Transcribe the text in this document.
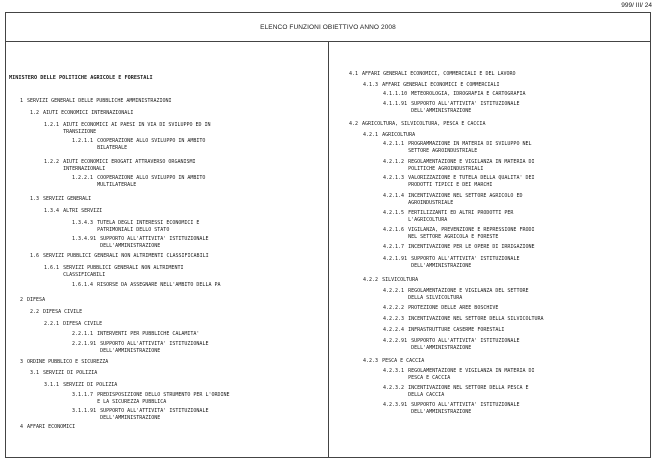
999/ III/ 24
ELENCO FUNZIONI OBIETTIVO ANNO 2008
MINISTERO DELLE POLITICHE AGRICOLE E FORESTALI
1 SERVIZI GENERALI DELLE PUBBLICHE AMMINISTRAZIONI
1.2 AIUTI ECONOMICI INTERNAZIONALI
1.2.1 AIUTI ECONOMICI AI PAESI IN VIA DI SVILUPPO ED IN
TRANSIZIONE
1.2.1.1 COOPERAZIONE ALLO SVILUPPO IN AMBITO
BILATERALE
1.2.2 AIUTI ECONOMICI EROGATI ATTRAVERSO ORGANISMI
INTERNAZIONALI
1.2.2.1 COOPERAZIONE ALLO SVILUPPO IN AMBITO
MULTILATERALE
1.3 SERVIZI GENERALI
1.3.4 ALTRI SERVIZI
1.3.4.3 TUTELA DEGLI INTERESSI ECONOMICI E
PATRIMONIALI DELLO STATO
1.3.4.91 SUPPORTO ALL'ATTIVITA' ISTITUZIONALE
DELL'AMMINISTRAZIONE
1.6 SERVIZI PUBBLICI GENERALI NON ALTRIMENTI CLASSIFICABILI
1.6.1 SERVIZI PUBBLICI GENERALI NON ALTRIMENTI
CLASSIFICABILI
1.6.1.4 RISORSE DA ASSEGNARE NELL'AMBITO DELLA PA
2 DIFESA
2.2 DIFESA CIVILE
2.2.1 DIFESA CIVILE
2.2.1.1 INTERVENTI PER PUBBLICHE CALAMITA'
2.2.1.91 SUPPORTO ALL'ATTIVITA' ISTITUZIONALE
DELL'AMMINISTRAZIONE
3 ORDINE PUBBLICO E SICUREZZA
3.1 SERVIZI DI POLIZIA
3.1.1 SERVIZI DI POLIZIA
3.1.1.7 PREDISPOSIZIONE DELLO STRUMENTO PER L'ORDINE
E LA SICUREZZA PUBBLICA
3.1.1.91 SUPPORTO ALL'ATTIVITA' ISTITUZIONALE
DELL'AMMINISTRAZIONE
4 AFFARI ECONOMICI
4.1 AFFARI GENERALI ECONOMICI, COMMERCIALI E DEL LAVORO
4.1.3 AFFARI GENERALI ECONOMICI E COMMERCIALI
4.1.1.10 METEOROLOGIA, IDROGRAFIA E CARTOGRAFIA
4.1.1.91 SUPPORTO ALL'ATTIVITA' ISTITUZIONALE
DELL'AMMINISTRAZIONE
4.2 AGRICOLTURA, SILVICOLTURA, PESCA E CACCIA
4.2.1 AGRICOLTURA
4.2.1.1 PROGRAMMAZIONE IN MATERIA DI SVILUPPO NEL
SETTORE AGROINDUSTRIALE
4.2.1.2 REGOLAMENTAZIONE E VIGILANZA IN MATERIA DI
POLITICHE AGROINDUSTRIALI
4.2.1.3 VALORIZZAZIONE E TUTELA DELLA QUALITA' DEI
PRODOTTI TIPICI E DEI MARCHI
4.2.1.4 INCENTIVAZIONE NEL SETTORE AGRICOLO ED
AGROINDUSTRIALE
4.2.1.5 FERTILIZZANTI ED ALTRI PRODOTTI PER
L'AGRICOLTURA
4.2.1.6 VIGILANZA, PREVENZIONE E REPRESSIONE FRODI
NEL SETTORE AGRICOLA E FORESTE
4.2.1.7 INCENTIVAZIONE PER LE OPERE DI IRRIGAZIONE
4.2.1.91 SUPPORTO ALL'ATTIVITA' ISTITUZIONALE
DELL'AMMINISTRAZIONE
4.2.2 SILVICOLTURA
4.2.2.1 REGOLAMENTAZIONE E VIGILANZA DEL SETTORE
DELLA SILVICOLTURA
4.2.2.2 PROTEZIONE DELLE AREE BOSCHIVE
4.2.2.3 INCENTIVAZIONE NEL SETTORE DELLA SILVICOLTURA
4.2.2.4 INFRASTRUTTURE CASERME FORESTALI
4.2.2.91 SUPPORTO ALL'ATTIVITA' ISTITUZIONALE
DELL'AMMINISTRAZIONE
4.2.3 PESCA E CACCIA
4.2.3.1 REGOLAMENTAZIONE E VIGILANZA IN MATERIA DI
PESCA E CACCIA
4.2.3.2 INCENTIVAZIONE NEL SETTORE DELLA PESCA E
DELLA CACCIA
4.2.3.91 SUPPORTO ALL'ATTIVITA' ISTITUZIONALE
DELL'AMMINISTRAZIONE
